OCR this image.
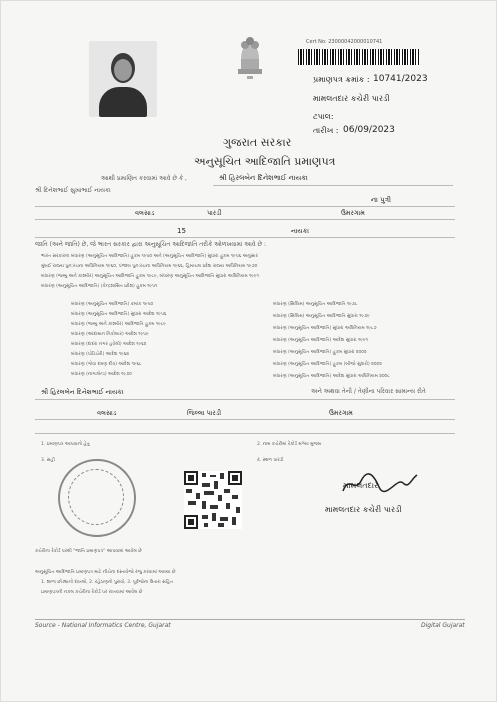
Cert No: 23000042000010741
પ્રમાણપત્ર ક્રમાંક : 10741/2023
મામલતદાર કચેરી પારડી
ટપાલ:
તારીખ : 06/09/2023
ગુજરાત સરકાર
અનુસૂચિત આદિજાતિ પ્રમાણપત્ર
આથી પ્રમાણિત કરવામાં આવે છે કે ,	શ્રી હિરલબેન દિનેશભાઈ નાયકા
શ્રી દિનેશભાઈ સુખાભાઈ નાયકા
ના પુત્રી
વલસાડ	પારડી	ઉમરગામ
15	નાયકા
જાતિ (અને જાતિ) છે, જે ભારત સરકાર દ્વારા અનુસૂચિત આદિજાતિ તરીકે ઓળખવામાં આવે છે :
ભારત સરકારના બંધારણ (અનુસૂચિત આદિજાતિ) હુકમ ૧૯૫૦ અને (અનુસૂચિત આદિજાતિ) સુધારા હુકમ ૧૯૫૬ અનુસાર
મુંબઈ રાજ્ય પુનઃરચના અધિનિયમ ૧૯૬૦, પંજાબ પુનઃરચના અધિનિયમ ૧૯૬૬, હિમાચલ પ્રદેશ રાજ્ય અધિનિયમ ૧૯૭૦
બંધારણ (જમ્મુ અને કાશ્મીર) અનુસૂચિત આદિજાતિ હુકમ ૧૯૮૯, બંધારણ અનુસૂચિત આદિજાતિ સુધારા અધિનિયમ ૧૯૯૧
બંધારણ (અનુસૂચિત આદિજાતિ) (કેન્દ્રશાસિત પ્રદેશ) હુકમ ૧૯૫૧
બંધારણ (અનુસૂચિત આદિજાતિ) ક્રમાંક ૧૯૫૦
બંધારણ (અનુસૂચિત આદિજાતિ) સુધારા આદેશ ૧૯૫૬
બંધારણ (જમ્મુ અને કાશ્મીર) આદિજાતિ હુકમ ૧૯૮૯
બંધારણ (આંદામાન નિકોબાર) આદેશ ૧૯૫૯
બંધારણ (દાદરા નગર હવેલી) આદેશ ૧૯૬૨
બંધારણ (પોંડિચેરી) આદેશ ૧૯૬૪
બંધારણ (ગોવા દમણ દીવ) આદેશ ૧૯૬૮
બંધારણ (નાગાલેન્ડ) આદેશ ૧૯૭૦
બંધારણ (સિક્કિમ) અનુસૂચિત આદિજાતિ ૧૯૭૮
બંધારણ (સિક્કિમ) અનુસૂચિત આદિજાતિ સુધારા ૧૯૭૯
બંધારણ (અનુસૂચિત આદિજાતિ) સુધારા અધિનિયમ ૧૯૮૭
બંધારણ (અનુસૂચિત આદિજાતિ) આદેશ સુધારા ૧૯૯૧
બંધારણ (અનુસૂચિત આદિજાતિ) હુકમ સુધારા ૨૦૦૨
બંધારણ (અનુસૂચિત આદિજાતિ) હુકમ (બીજો સુધારો) ૨૦૦૨
બંધારણ (અનુસૂચિત આદિજાતિ) આદેશ સુધારા અધિનિયમ ૨૦૦૮
શ્રી હિરલબેન દિનેશભાઈ નાયકા	અને અથવા તેની / તેણીના પરિવાર સામાન્ય રીતે
વલસાડ	જિલ્લા પારડી	ઉમરગામ
1. પ્રમાણપત્ર આપવાનો હેતુ	2. નામ કચેરીમાં રેકોર્ડ મળ્યા મુજબ
3. સહી	4. સ્થળ પારડી
મામલતદાર
મામલતદાર કચેરી પારડી
કચેરીના રેકોર્ડ પરથી "જાતિ પ્રમાણપત્ર" આપવામાં આવેલ છે
અનુસૂચિત આદિજાતિ પ્રમાણપત્ર માટે નીચેના દસ્તાવેજો રજુ કરવામાં આવ્યા છે
1. શાળા છોડ્યાનો દાખલો, 2. રહેઠાણનો પુરાવો, 3. પૂર્વજોના ઉતારા સહિત
પ્રમાણપત્રની નકલ કચેરીના રેકોર્ડ પર રાખવામાં આવેલ છે
Source - National Informatics Centre, Gujarat	Digital Gujarat
